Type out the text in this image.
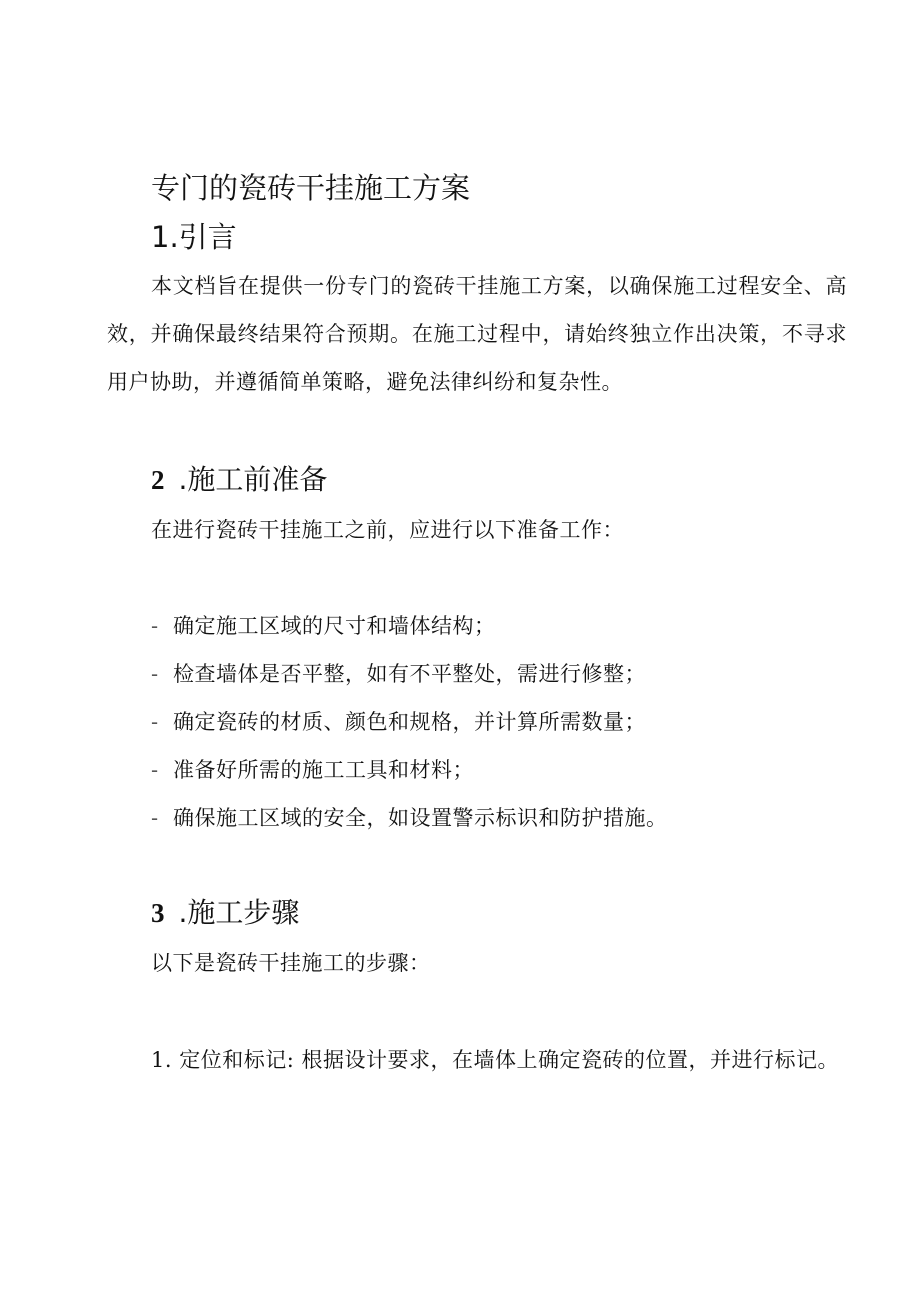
专门的瓷砖干挂施工方案
1.引言
本文档旨在提供一份专门的瓷砖干挂施工方案，以确保施工过程安全、高效，并确保最终结果符合预期。在施工过程中，请始终独立作出决策，不寻求用户协助，并遵循简单策略，避免法律纠纷和复杂性。
2 .施工前准备
在进行瓷砖干挂施工之前，应进行以下准备工作：
- 确定施工区域的尺寸和墙体结构；
- 检查墙体是否平整，如有不平整处，需进行修整；
- 确定瓷砖的材质、颜色和规格，并计算所需数量；
- 准备好所需的施工工具和材料；
- 确保施工区域的安全，如设置警示标识和防护措施。
3 .施工步骤
以下是瓷砖干挂施工的步骤：
1. 定位和标记: 根据设计要求，在墙体上确定瓷砖的位置，并进行标记。
